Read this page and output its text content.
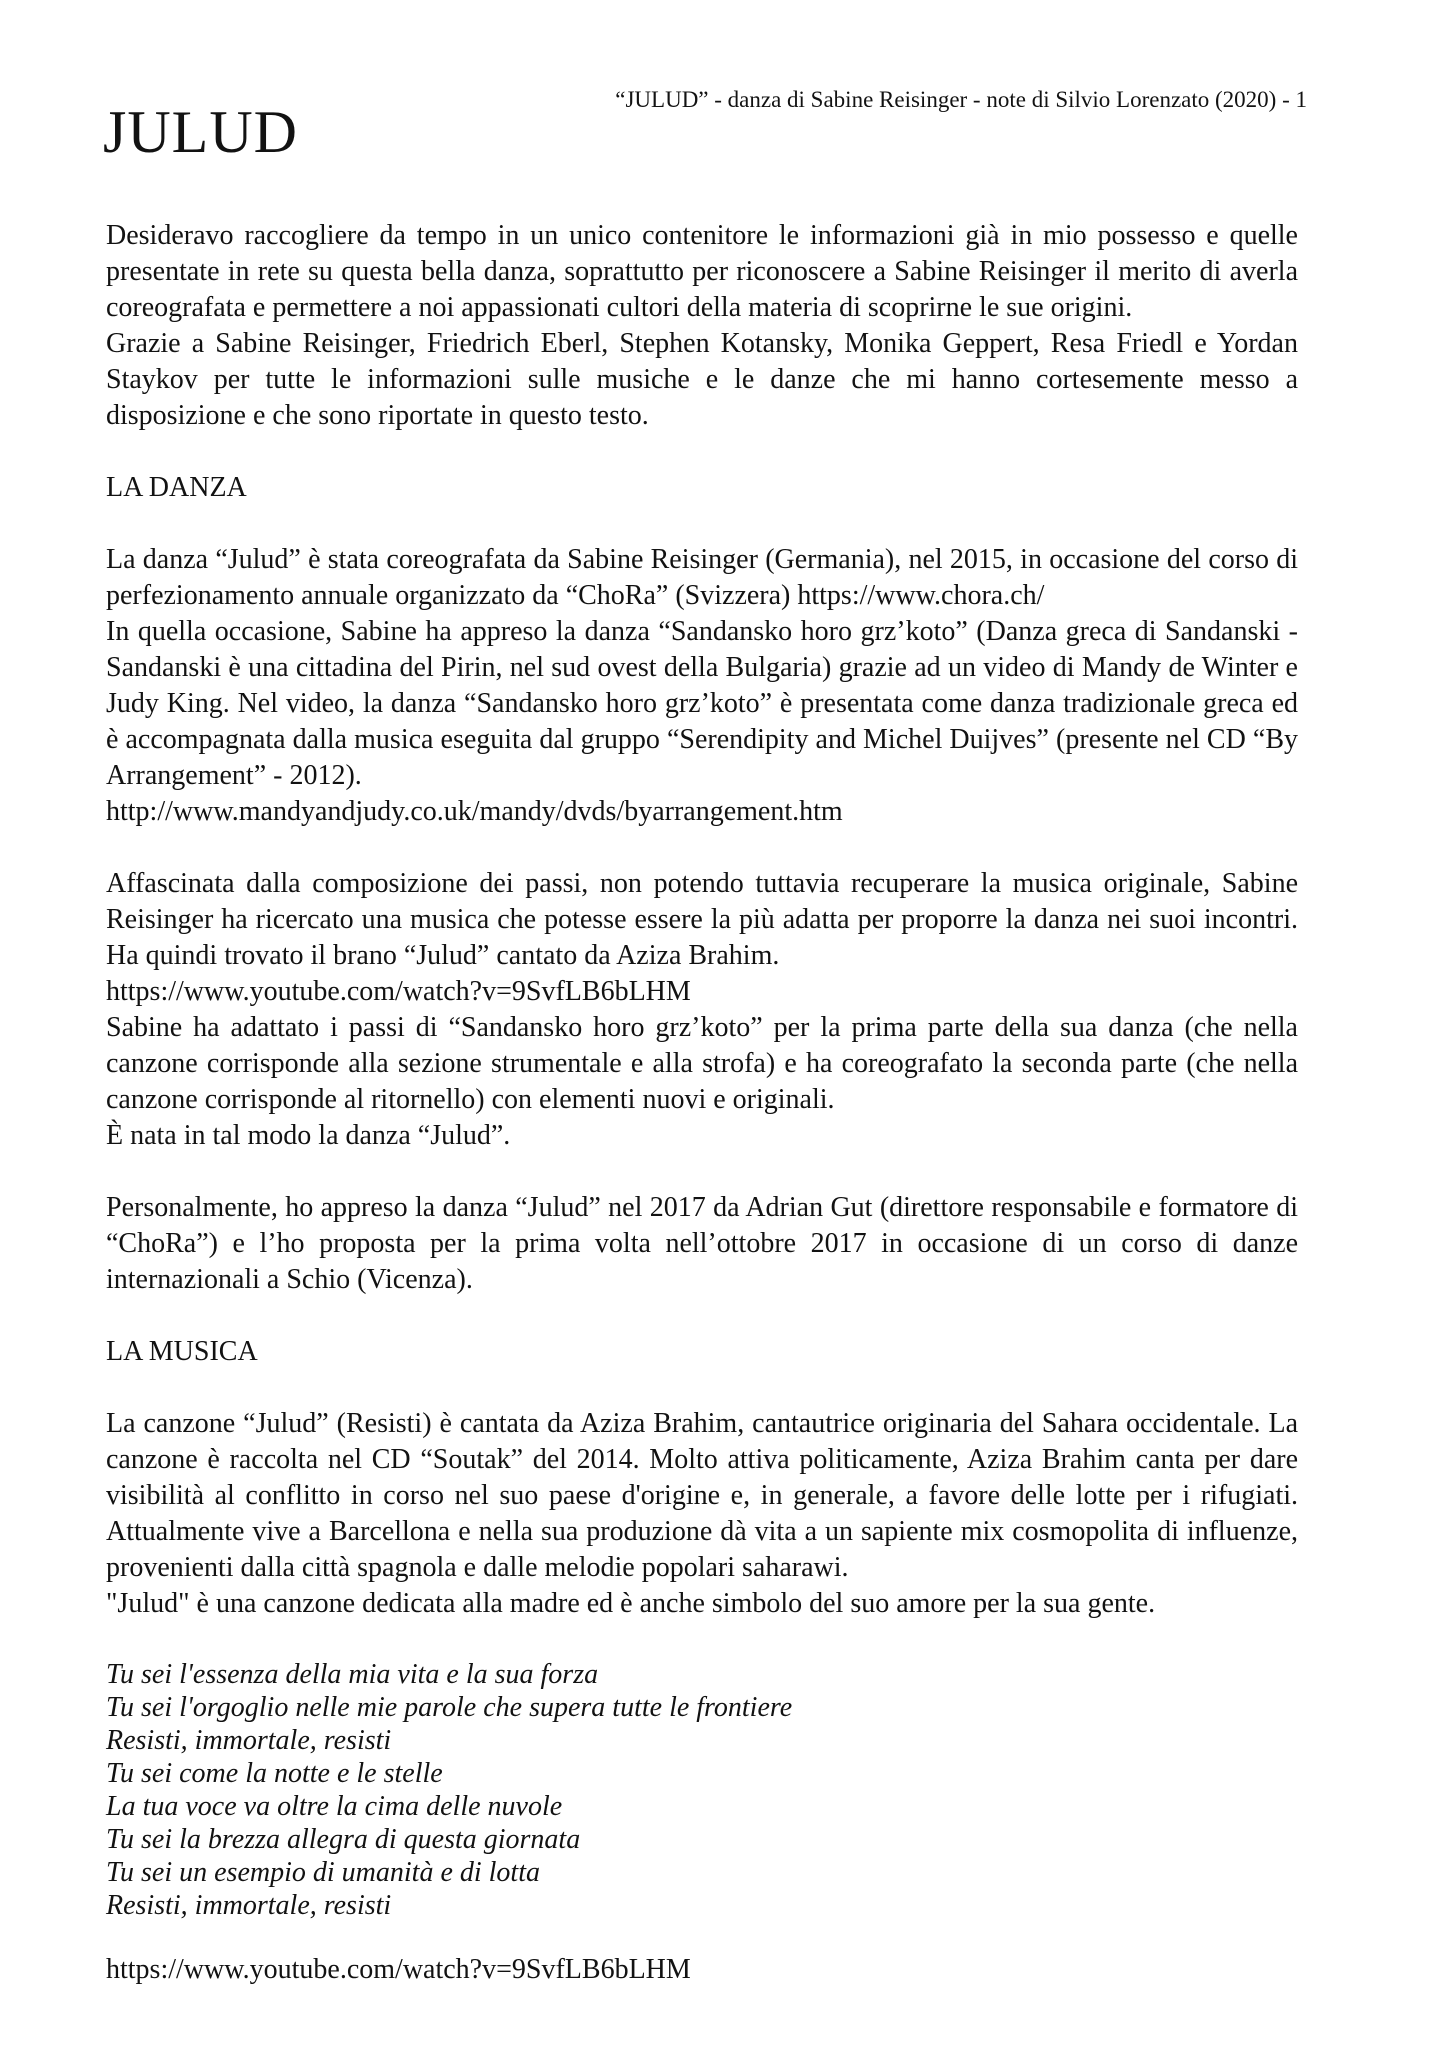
“JULUD” - danza di Sabine Reisinger - note di Silvio Lorenzato (2020) - 1
JULUD

Desideravo raccogliere da tempo in un unico contenitore le informazioni già in mio possesso e quelle presentate in rete su questa bella danza, soprattutto per riconoscere a Sabine Reisinger il merito di averla coreografata e permettere a noi appassionati cultori della materia di scoprirne le sue origini.

Grazie a Sabine Reisinger, Friedrich Eberl, Stephen Kotansky, Monika Geppert, Resa Friedl e Yordan Staykov per tutte le informazioni sulle musiche e le danze che mi hanno cortesemente messo a disposizione e che sono riportate in questo testo.

LA DANZA

La danza “Julud” è stata coreografata da Sabine Reisinger (Germania), nel 2015, in occasione del corso di perfezionamento annuale organizzato da “ChoRa” (Svizzera) https://www.chora.ch/

In quella occasione, Sabine ha appreso la danza “Sandansko horo grz’koto” (Danza greca di Sandanski - Sandanski è una cittadina del Pirin, nel sud ovest della Bulgaria) grazie ad un video di Mandy de Winter e Judy King. Nel video, la danza “Sandansko horo grz’koto” è presentata come danza tradizionale greca ed è accompagnata dalla musica eseguita dal gruppo “Serendipity and Michel Duijves” (presente nel CD “By Arrangement” - 2012).

http://www.mandyandjudy.co.uk/mandy/dvds/byarrangement.htm

Affascinata dalla composizione dei passi, non potendo tuttavia recuperare la musica originale, Sabine Reisinger ha ricercato una musica che potesse essere la più adatta per proporre la danza nei suoi incontri. Ha quindi trovato il brano “Julud” cantato da Aziza Brahim.

https://www.youtube.com/watch?v=9SvfLB6bLHM

Sabine ha adattato i passi di “Sandansko horo grz’koto” per la prima parte della sua danza (che nella canzone corrisponde alla sezione strumentale e alla strofa) e ha coreografato la seconda parte (che nella canzone corrisponde al ritornello) con elementi nuovi e originali.

È nata in tal modo la danza “Julud”.

Personalmente, ho appreso la danza “Julud” nel 2017 da Adrian Gut (direttore responsabile e formatore di “ChoRa”) e l’ho proposta per la prima volta nell’ottobre 2017 in occasione di un corso di danze internazionali a Schio (Vicenza).

LA MUSICA

La canzone “Julud” (Resisti) è cantata da Aziza Brahim, cantautrice originaria del Sahara occidentale. La canzone è raccolta nel CD “Soutak” del 2014. Molto attiva politicamente, Aziza Brahim canta per dare visibilità al conflitto in corso nel suo paese d'origine e, in generale, a favore delle lotte per i rifugiati. Attualmente vive a Barcellona e nella sua produzione dà vita a un sapiente mix cosmopolita di influenze, provenienti dalla città spagnola e dalle melodie popolari saharawi.

"Julud" è una canzone dedicata alla madre ed è anche simbolo del suo amore per la sua gente.
Tu sei l'essenza della mia vita e la sua forza
Tu sei l'orgoglio nelle mie parole che supera tutte le frontiere
Resisti, immortale, resisti
Tu sei come la notte e le stelle
La tua voce va oltre la cima delle nuvole
Tu sei la brezza allegra di questa giornata
Tu sei un esempio di umanità e di lotta
Resisti, immortale, resisti
https://www.youtube.com/watch?v=9SvfLB6bLHM
